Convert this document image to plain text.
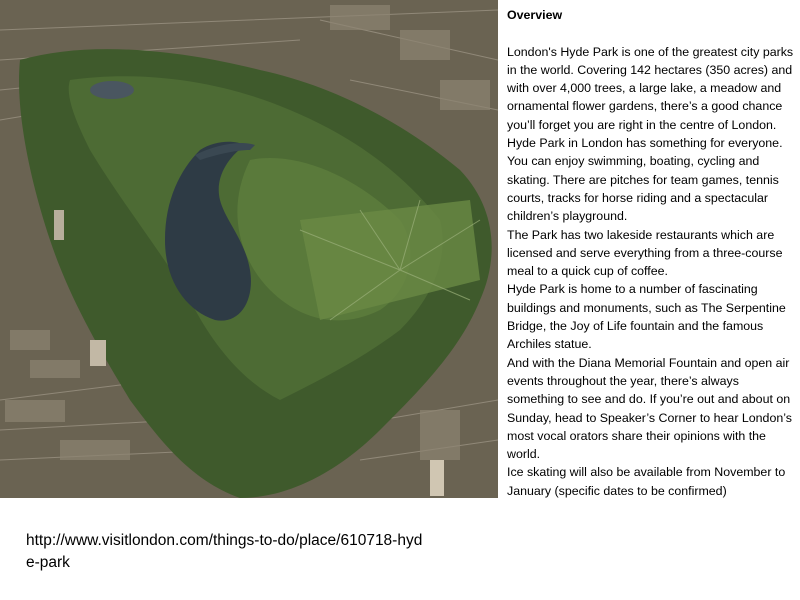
Overview

London's Hyde Park is one of the greatest city parks in the world. Covering 142 hectares (350 acres) and with over 4,000 trees, a large lake, a meadow and ornamental flower gardens, there’s a good chance you’ll forget you are right in the centre of London.

Hyde Park in London has something for everyone. You can enjoy swimming, boating, cycling and skating. There are pitches for team games, tennis courts, tracks for horse riding and a spectacular children’s playground.

The Park has two lakeside restaurants which are licensed and serve everything from a three-course meal to a quick cup of coffee.

Hyde Park is home to a number of fascinating buildings and monuments, such as The Serpentine Bridge, the Joy of Life fountain and the famous Archiles statue.

And with the Diana Memorial Fountain and open air events throughout the year, there’s always something to see and do. If you’re out and about on Sunday, head to Speaker’s Corner to hear London’s most vocal orators share their opinions with the world.

Ice skating will also be available from November to January (specific dates to be confirmed)

http://www.visitlondon.com/things-to-do/place/610718-hyde-park
